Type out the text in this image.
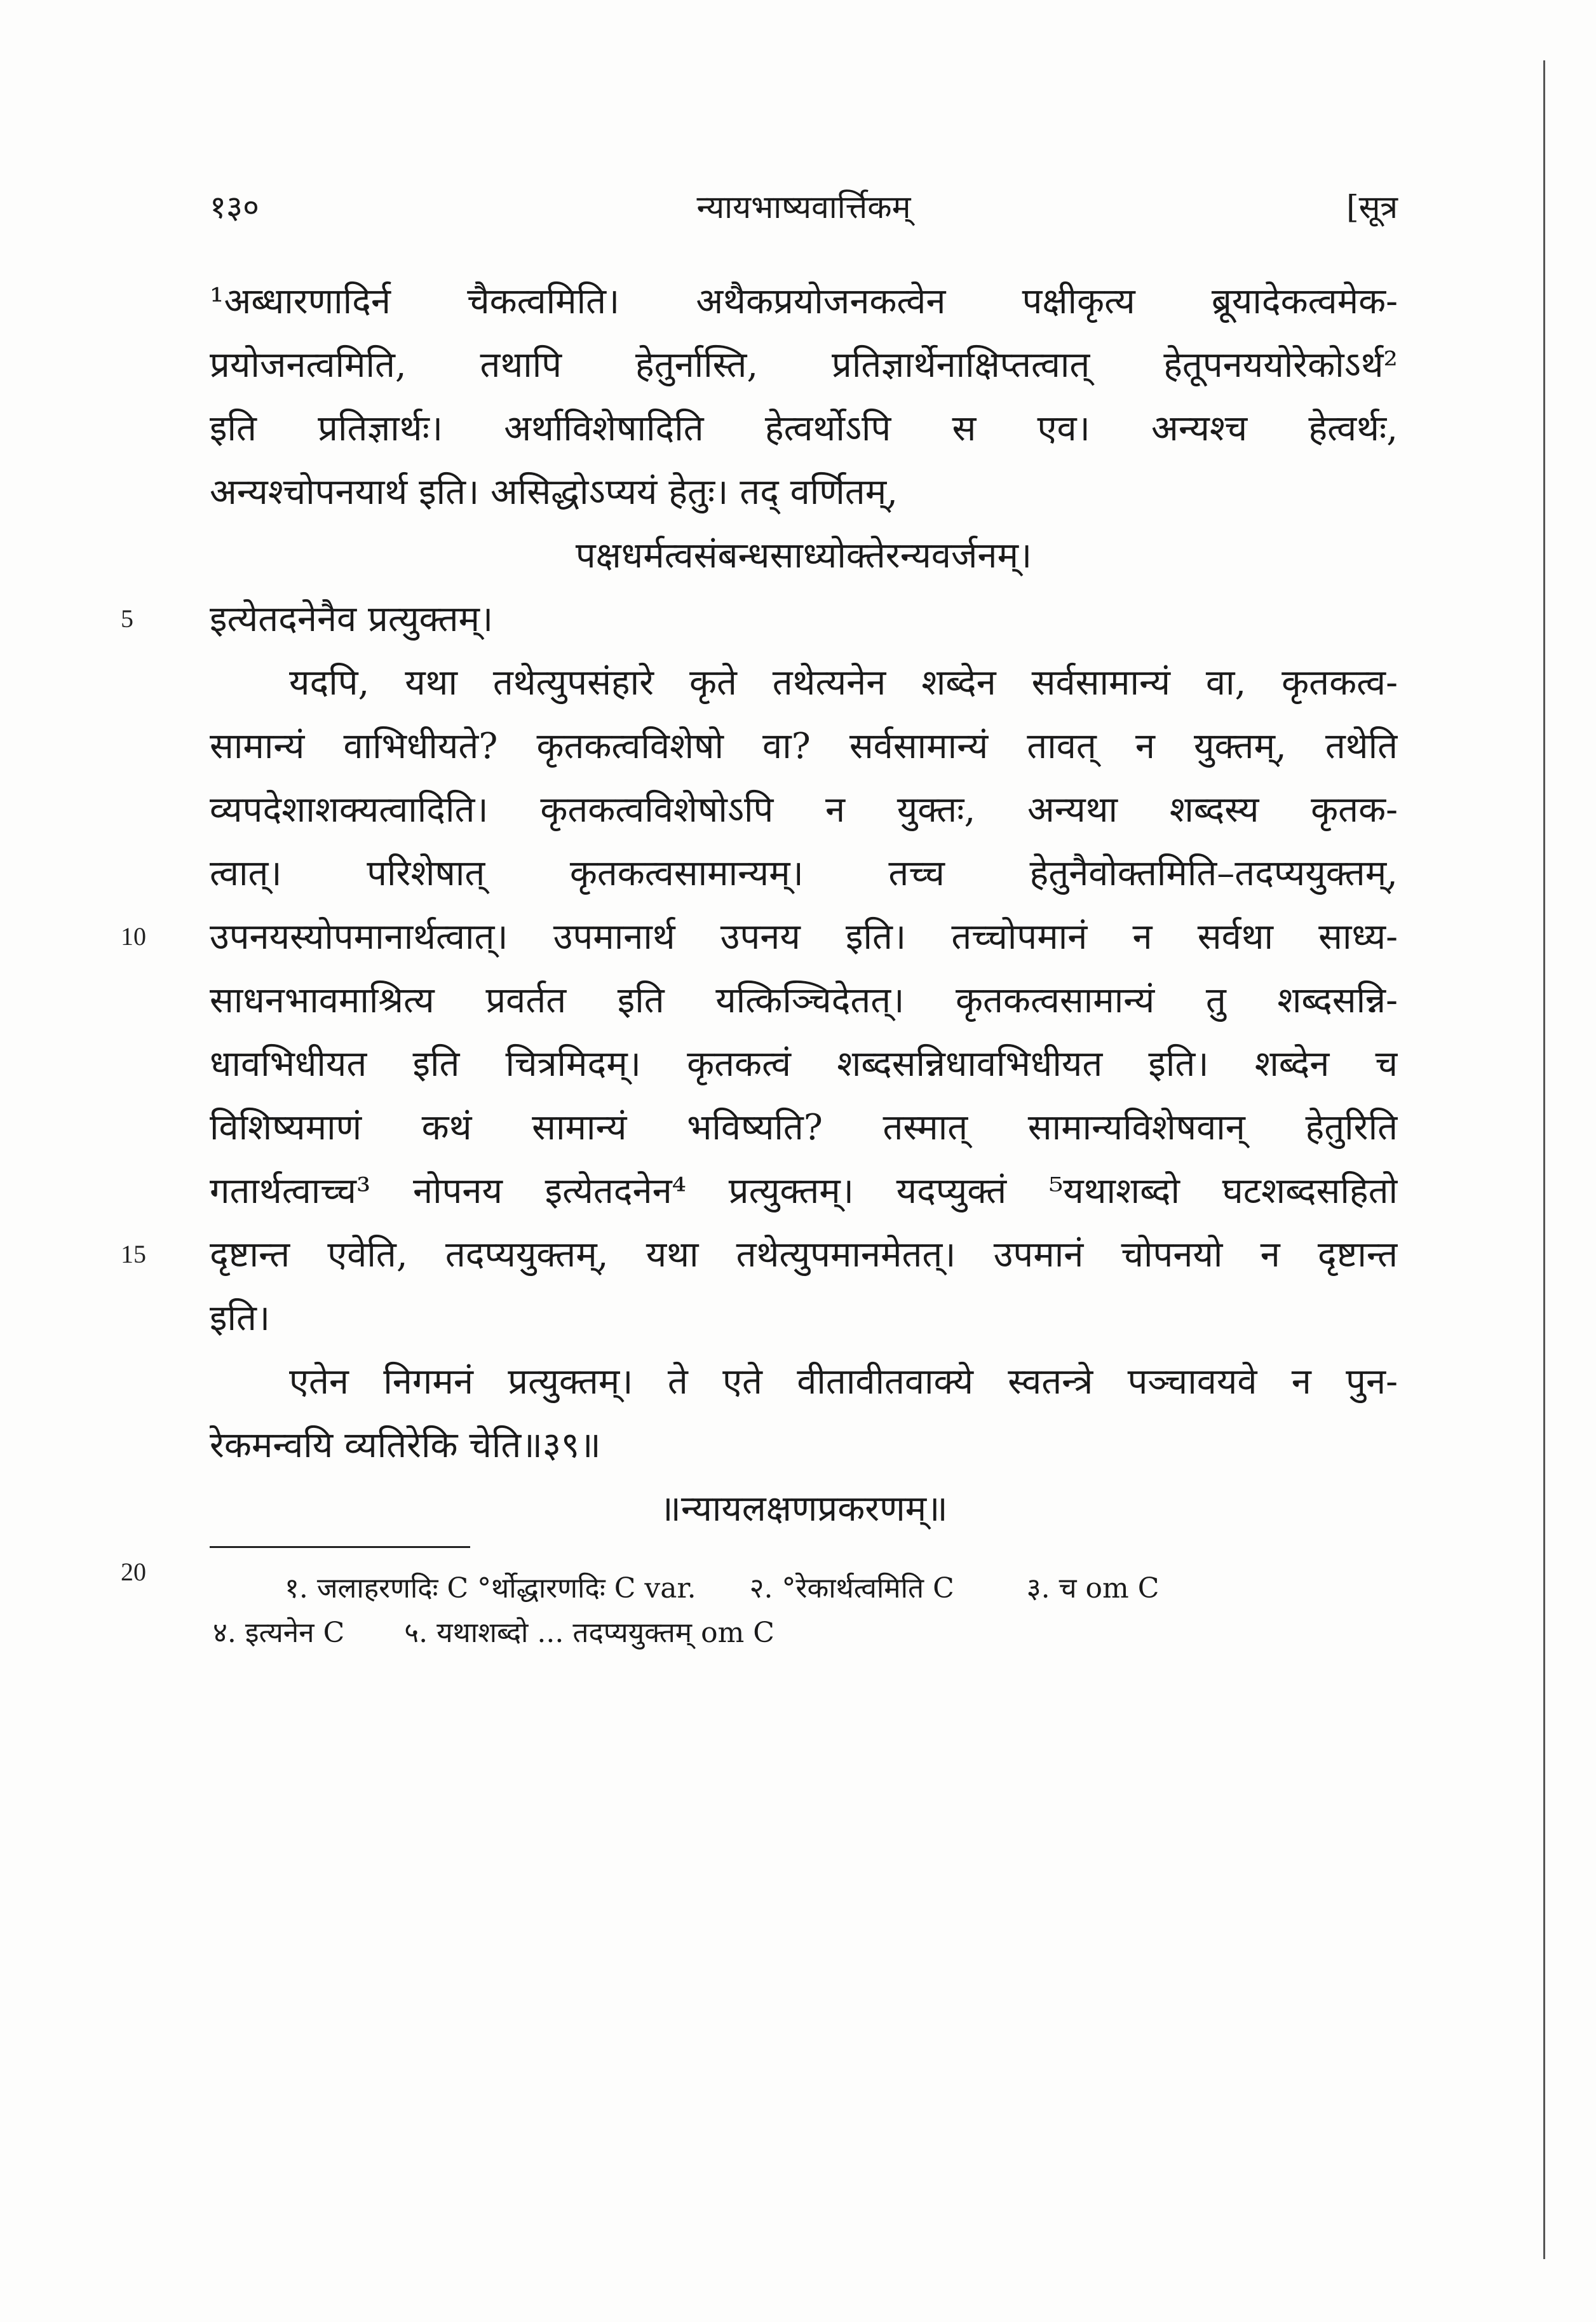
१३०	न्यायभाष्यवार्त्तिकम्	[सूत्र
5
10
15
20
¹अब्धारणादिर्न चैकत्वमिति। अथैकप्रयोजनकत्वेन पक्षीकृत्य ब्रूयादेकत्वमेक-
प्रयोजनत्वमिति, तथापि हेतुर्नास्ति, प्रतिज्ञार्थेनाक्षिप्तत्वात् हेतूपनययोरेकोऽर्थ²
इति प्रतिज्ञार्थः। अर्थाविशेषादिति हेत्वर्थोऽपि स एव। अन्यश्च हेत्वर्थः,
अन्यश्चोपनयार्थ इति। असिद्धोऽप्ययं हेतुः। तद् वर्णितम्,
पक्षधर्मत्वसंबन्धसाध्योक्तेरन्यवर्जनम्।
इत्येतदनेनैव प्रत्युक्तम्।
यदपि, यथा तथेत्युपसंहारे कृते तथेत्यनेन शब्देन सर्वसामान्यं वा, कृतकत्व-
सामान्यं वाभिधीयते? कृतकत्वविशेषो वा? सर्वसामान्यं तावत् न युक्तम्, तथेति
व्यपदेशाशक्यत्वादिति। कृतकत्वविशेषोऽपि न युक्तः, अन्यथा शब्दस्य कृतक-
त्वात्। परिशेषात् कृतकत्वसामान्यम्। तच्च हेतुनैवोक्तमिति–तदप्ययुक्तम्,
उपनयस्योपमानार्थत्वात्। उपमानार्थ उपनय इति। तच्चोपमानं न सर्वथा साध्य-
साधनभावमाश्रित्य प्रवर्तत इति यत्किञ्चिदेतत्। कृतकत्वसामान्यं तु शब्दसन्नि-
धावभिधीयत इति चित्रमिदम्। कृतकत्वं शब्दसन्निधावभिधीयत इति। शब्देन च
विशिष्यमाणं कथं सामान्यं भविष्यति? तस्मात् सामान्यविशेषवान् हेतुरिति
गतार्थत्वाच्च³ नोपनय इत्येतदनेन⁴ प्रत्युक्तम्। यदप्युक्तं ⁵यथाशब्दो घटशब्दसहितो
दृष्टान्त एवेति, तदप्ययुक्तम्, यथा तथेत्युपमानमेतत्। उपमानं चोपनयो न दृष्टान्त
इति।
एतेन निगमनं प्रत्युक्तम्। ते एते वीतावीतवाक्ये स्वतन्त्रे पञ्चावयवे न पुन-
रेकमन्वयि व्यतिरेकि चेति॥३९॥
॥न्यायलक्षणप्रकरणम्॥
१. जलाहरणदिः C °र्थोद्धारणदिः C var. २. °रेकार्थत्वमिति C	३. च om C
४. इत्यनेन C ५. यथाशब्दो ... तदप्ययुक्तम् om C
